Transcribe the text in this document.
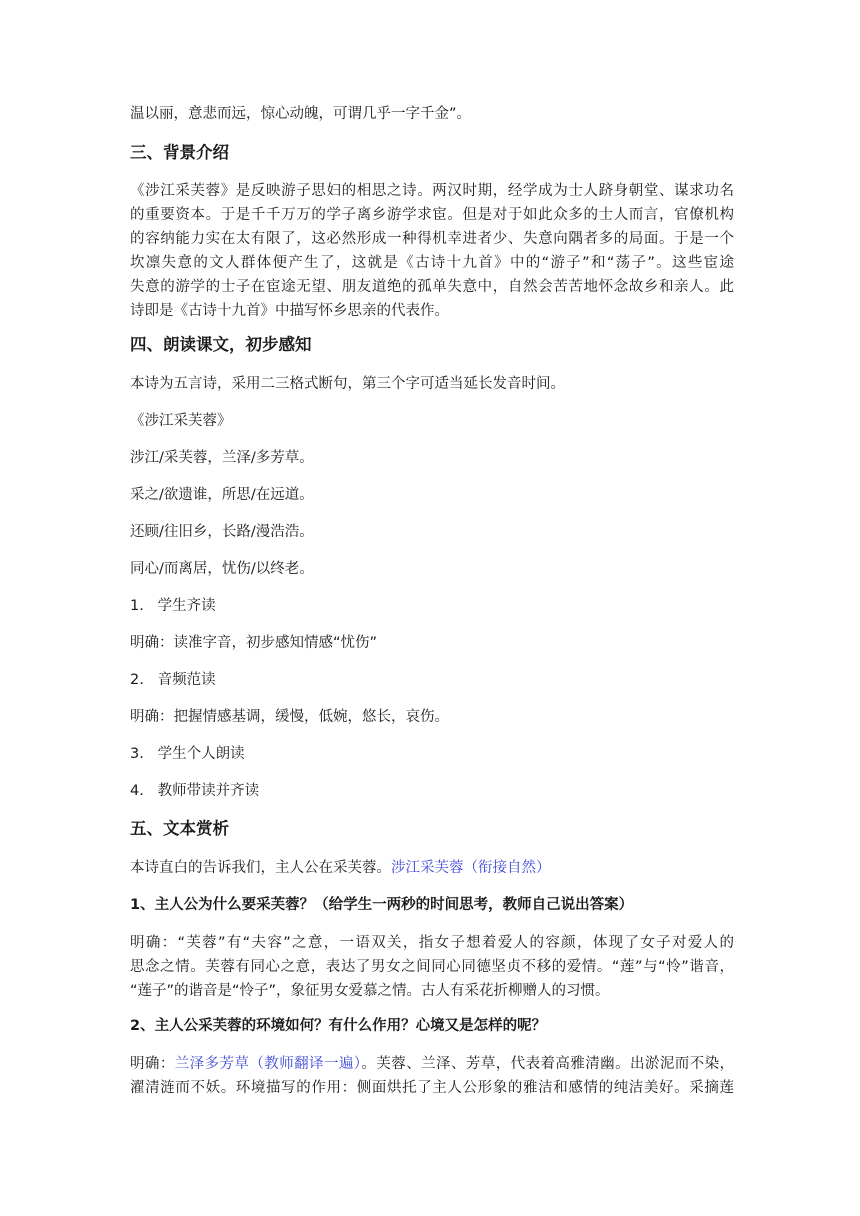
温以丽，意悲而远，惊心动魄，可谓几乎一字千金”。
三、背景介绍
《涉江采芙蓉》是反映游子思妇的相思之诗。两汉时期，经学成为士人跻身朝堂、谋求功名
的重要资本。于是千千万万的学子离乡游学求宦。但是对于如此众多的士人而言，官僚机构
的容纳能力实在太有限了，这必然形成一种得机幸进者少、失意向隅者多的局面。于是一个
坎凛失意的文人群体便产生了，这就是《古诗十九首》中的“游子”和“荡子”。这些宦途
失意的游学的士子在宦途无望、朋友道绝的孤单失意中，自然会苦苦地怀念故乡和亲人。此
诗即是《古诗十九首》中描写怀乡思亲的代表作。
四、朗读课文，初步感知
本诗为五言诗，采用二三格式断句，第三个字可适当延长发音时间。
《涉江采芙蓉》
涉江/采芙蓉，兰泽/多芳草。
采之/欲遗谁，所思/在远道。
还顾/往旧乡，长路/漫浩浩。
同心/而离居，忧伤/以终老。
1. 学生齐读
明确：读准字音，初步感知情感“忧伤”
2. 音频范读
明确：把握情感基调，缓慢，低婉，悠长，哀伤。
3. 学生个人朗读
4. 教师带读并齐读
五、文本赏析
本诗直白的告诉我们，主人公在采芙蓉。涉江采芙蓉（衔接自然）
1、主人公为什么要采芙蓉？（给学生一两秒的时间思考，教师自己说出答案）
明确：“芙蓉”有“夫容”之意，一语双关，指女子想着爱人的容颜，体现了女子对爱人的
思念之情。芙蓉有同心之意，表达了男女之间同心同德坚贞不移的爱情。“莲”与“怜”谐音，
“莲子”的谐音是“怜子”，象征男女爱慕之情。古人有采花折柳赠人的习惯。
2、主人公采芙蓉的环境如何？有什么作用？心境又是怎样的呢？
明确：兰泽多芳草（教师翻译一遍）。芙蓉、兰泽、芳草，代表着高雅清幽。出淤泥而不染，
濯清涟而不妖。环境描写的作用：侧面烘托了主人公形象的雅洁和感情的纯洁美好。采摘莲
